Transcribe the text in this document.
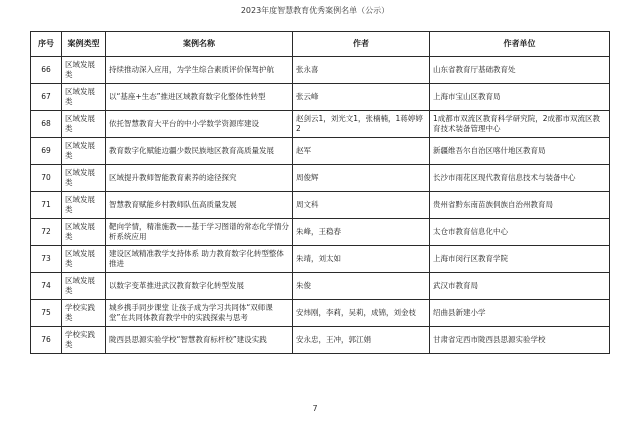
2023年度智慧教育优秀案例名单（公示）
序号	案例类型	案例名称	作者	作者单位
66	区域发展类	持续推动深入应用，为学生综合素质评价保驾护航	张永喜	山东省教育厅基础教育处
67	区域发展类	以“基座+生态”推进区域教育数字化整体性转型	张云峰	上海市宝山区教育局
68	区域发展类	依托智慧教育大平台的中小学数学资源库建设	赵剑云1，刘光文1，张楠楠，1蒋婷婷2	1成都市双流区教育科学研究院，2成都市双流区教育技术装备管理中心
69	区域发展类	教育数字化赋能边疆少数民族地区教育高质量发展	赵军	新疆维吾尔自治区喀什地区教育局
70	区域发展类	区域提升教师智能教育素养的途径探究	周俊辉	长沙市雨花区现代教育信息技术与装备中心
71	区域发展类	智慧教育赋能乡村教师队伍高质量发展	周文科	贵州省黔东南苗族侗族自治州教育局
72	区域发展类	靶向学情，精准施教——基于学习图谱的常态化学情分析系统应用	朱峰，王稳春	太仓市教育信息化中心
73	区域发展类	建设区域精准教学支持体系 助力教育数字化转型整体推进	朱靖，刘太如	上海市闵行区教育学院
74	区域发展类	以数字变革推进武汉教育数字化转型发展	朱俊	武汉市教育局
75	学校实践类	城乡携手同步课堂 让孩子成为学习共同体“双师课堂”在共同体教育教学中的实践探索与思考	安炜刚，李莉，吴莉，成锦，刘金枝	绍曲县新建小学
76	学校实践类	陇西县思源实验学校“智慧教育标杆校”建设实践	安永忠，王冲，郭江娟	甘肃省定西市陇西县思源实验学校
7
